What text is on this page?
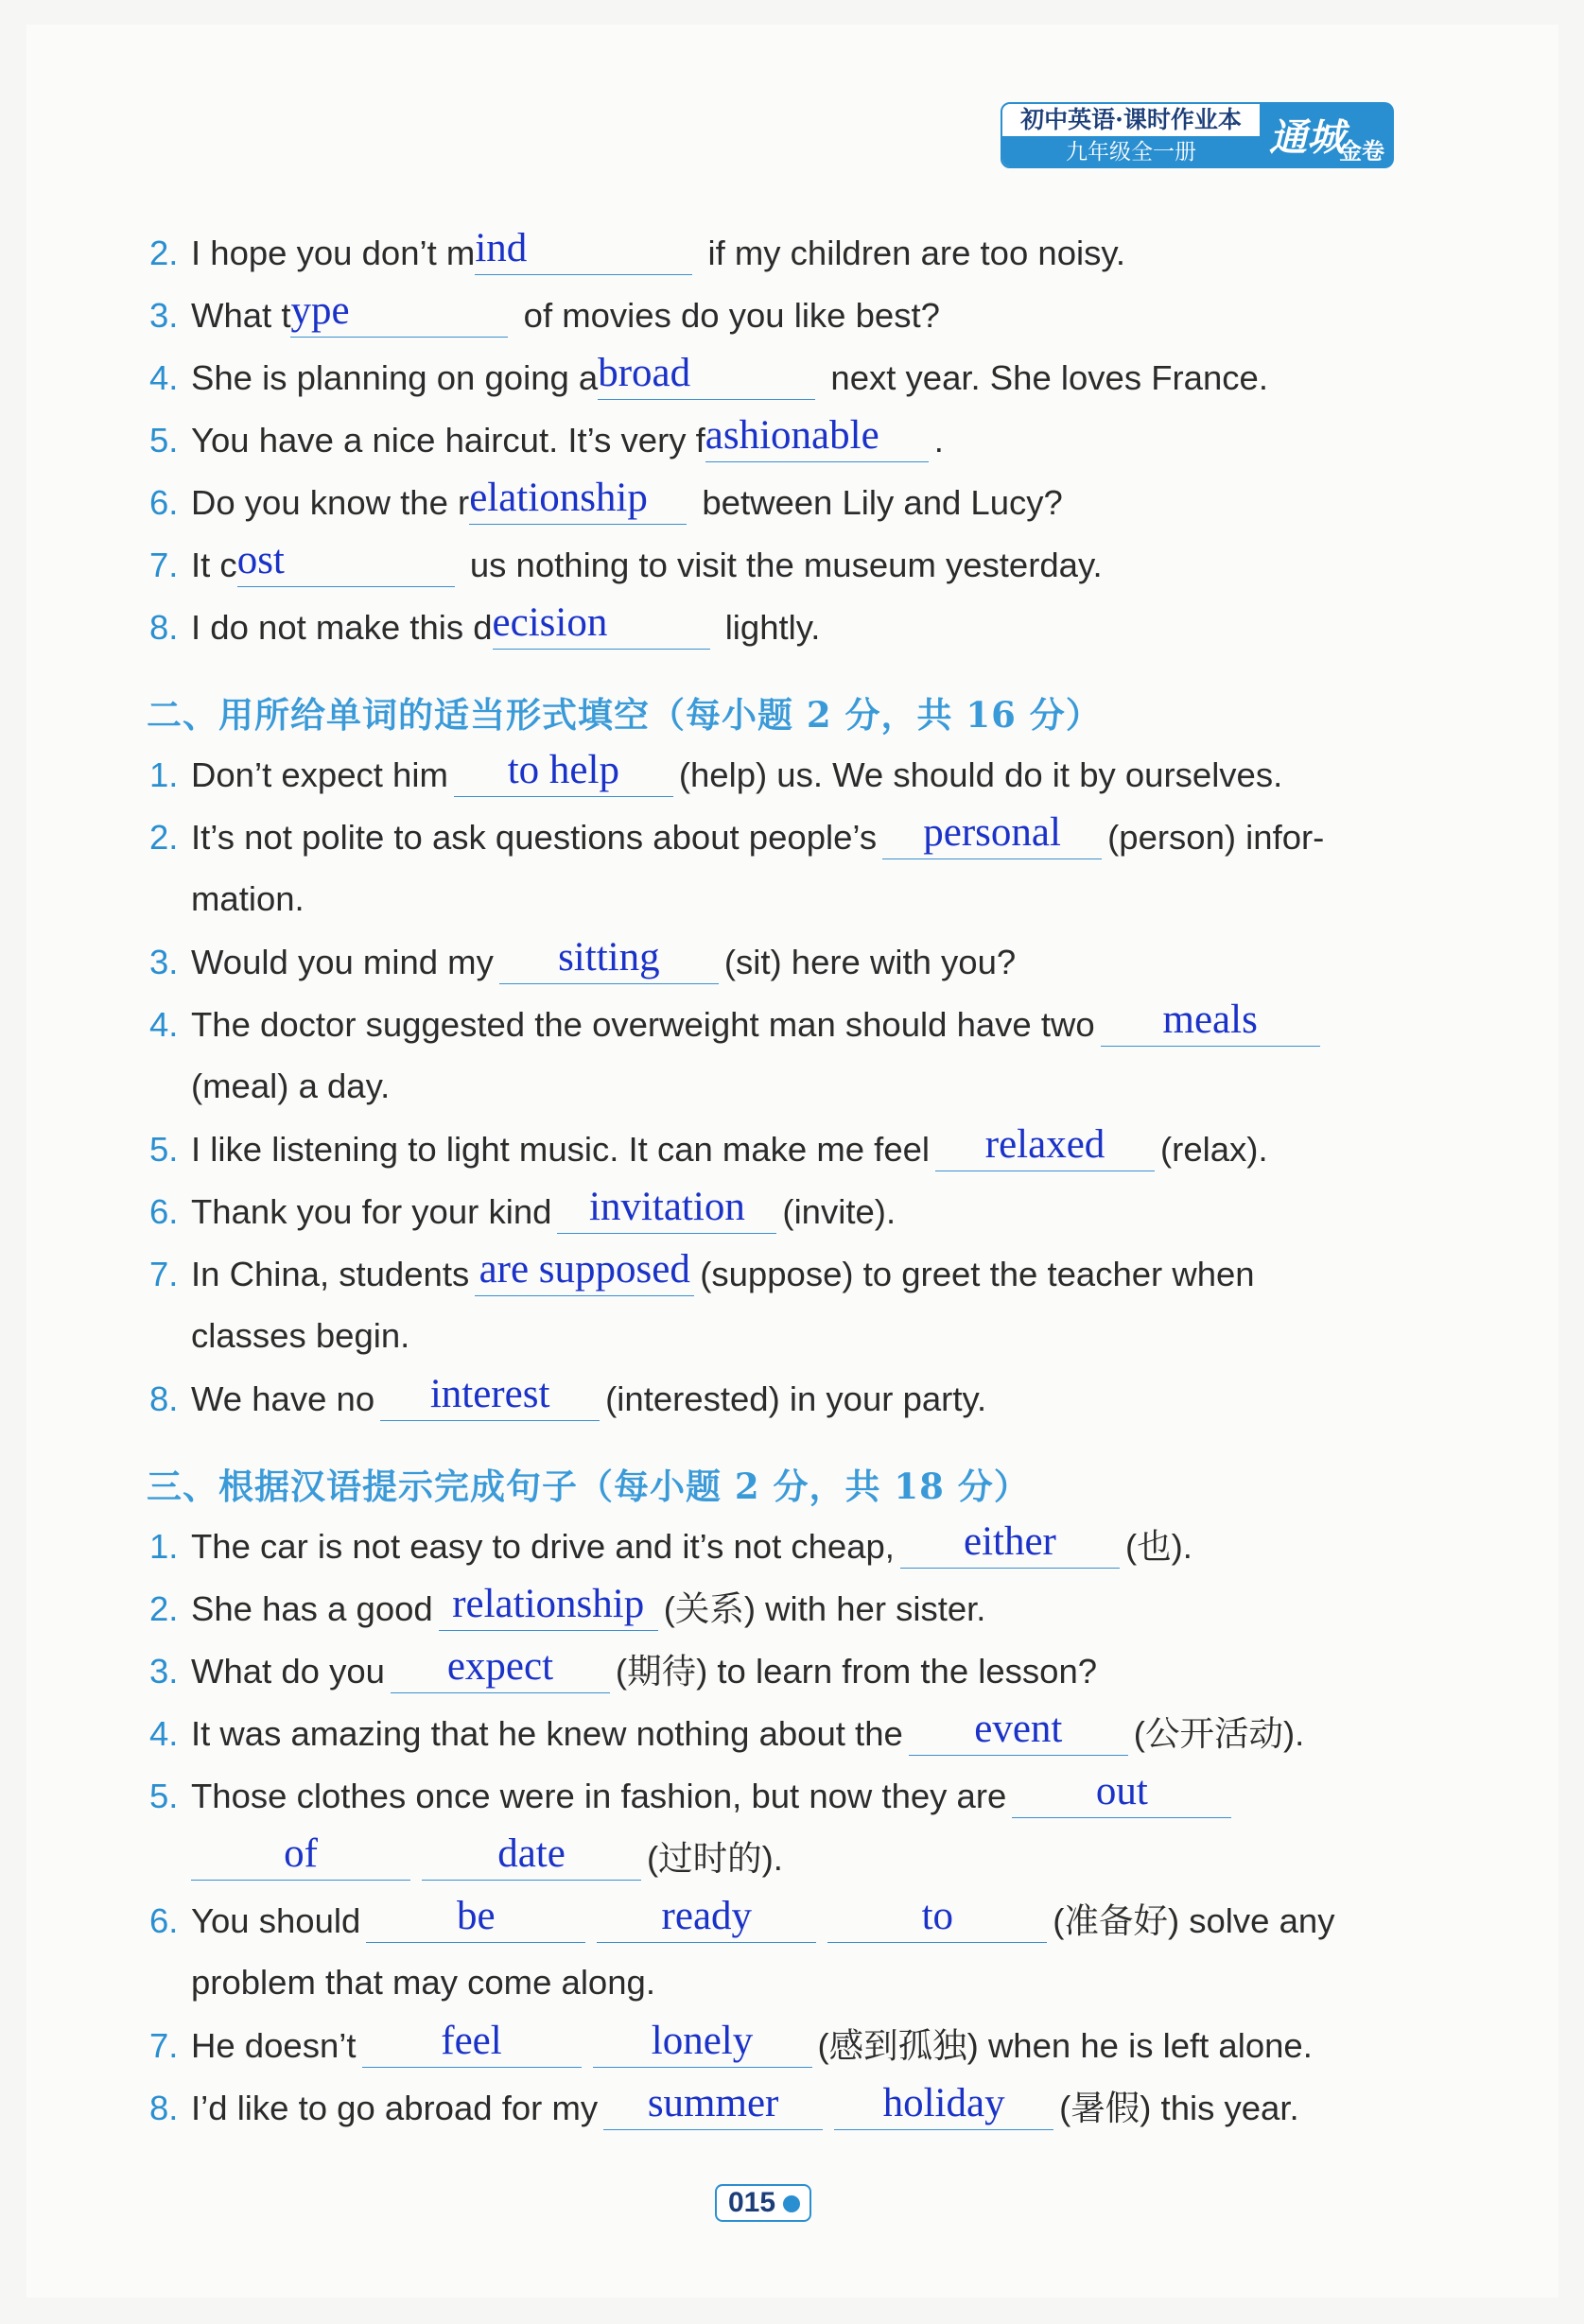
初中英语·课时作业本
九年级全一册	通城
金卷
2. I hope you don’t m ind	if my children are too noisy.
3. What t ype	of movies do you like best?
4. She is planning on going a broad	next year. She loves France.
5. You have a nice haircut. It’s very f ashionable	.
6. Do you know the r elationship	between Lily and Lucy?
7. It c ost	us nothing to visit the museum yesterday.
8. I do not make this d ecision	lightly.
二、用所给单词的适当形式填空（每小题 2 分，共 16 分）
1. Don’t expect him	to help	(help) us. We should do it by ourselves.
2. It’s not polite to ask questions about people’s	personal	(person) infor-
mation.
3. Would you mind my	sitting	(sit) here with you?
4. The doctor suggested the overweight man should have two	meals
(meal) a day.
5. I like listening to light music. It can make me feel	relaxed	(relax).
6. Thank you for your kind invitation	(invite).
7. In China, students are supposed (suppose) to greet the teacher when
classes begin.
8. We have no	interest	(interested) in your party.
三、根据汉语提示完成句子（每小题 2 分，共 18 分）
1. The car is not easy to drive and it’s not cheap,	either	(也).
2. She has a good relationship (关系) with her sister.
3. What do you	expect	(期待) to learn from the lesson?
4. It was amazing that he knew nothing about the	event	(公开活动).
5. Those clothes once were in fashion, but now they are	out
of	date	(过时的).
6. You should	be	ready	to	(准备好) solve any
problem that may come along.
7. He doesn’t	feel	lonely	(感到孤独) when he is left alone.
8. I’d like to go abroad for my	summer	holiday	(暑假) this year.
015
